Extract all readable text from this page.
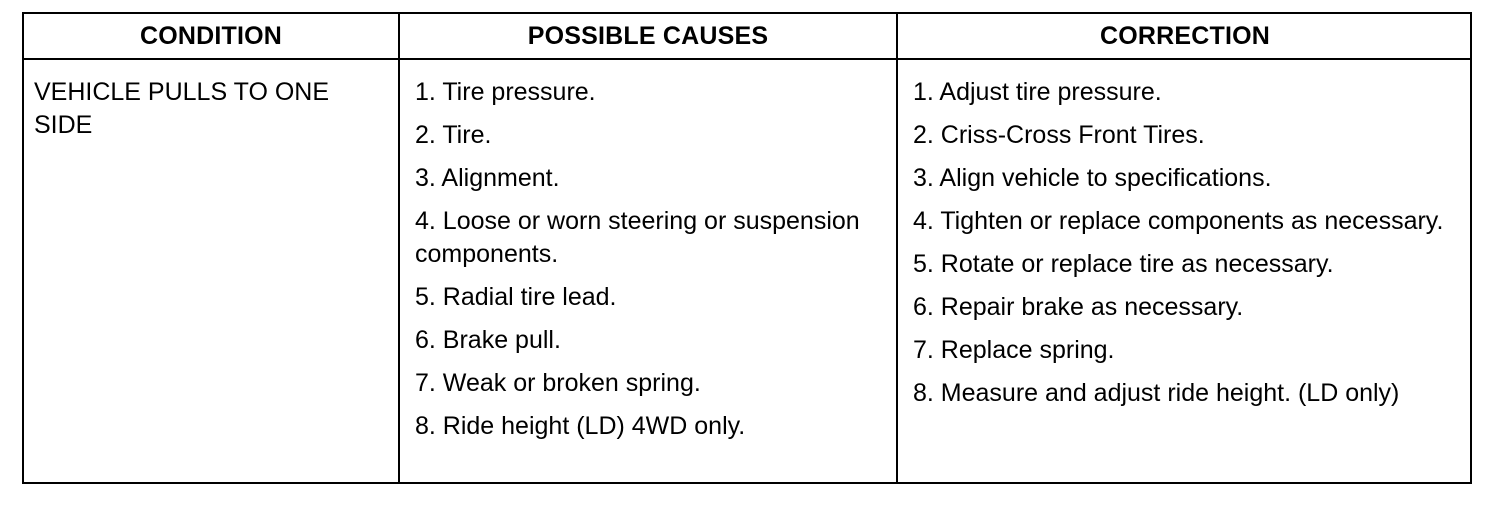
CONDITION	POSSIBLE CAUSES	CORRECTION
VEHICLE PULLS TO ONE SIDE
1. Tire pressure.
2. Tire.
3. Alignment.
4. Loose or worn steering or suspension components.
5. Radial tire lead.
6. Brake pull.
7. Weak or broken spring.
8. Ride height (LD) 4WD only.
1. Adjust tire pressure.
2. Criss-Cross Front Tires.
3. Align vehicle to specifications.
4. Tighten or replace components as necessary.
5. Rotate or replace tire as necessary.
6. Repair brake as necessary.
7. Replace spring.
8. Measure and adjust ride height. (LD only)
